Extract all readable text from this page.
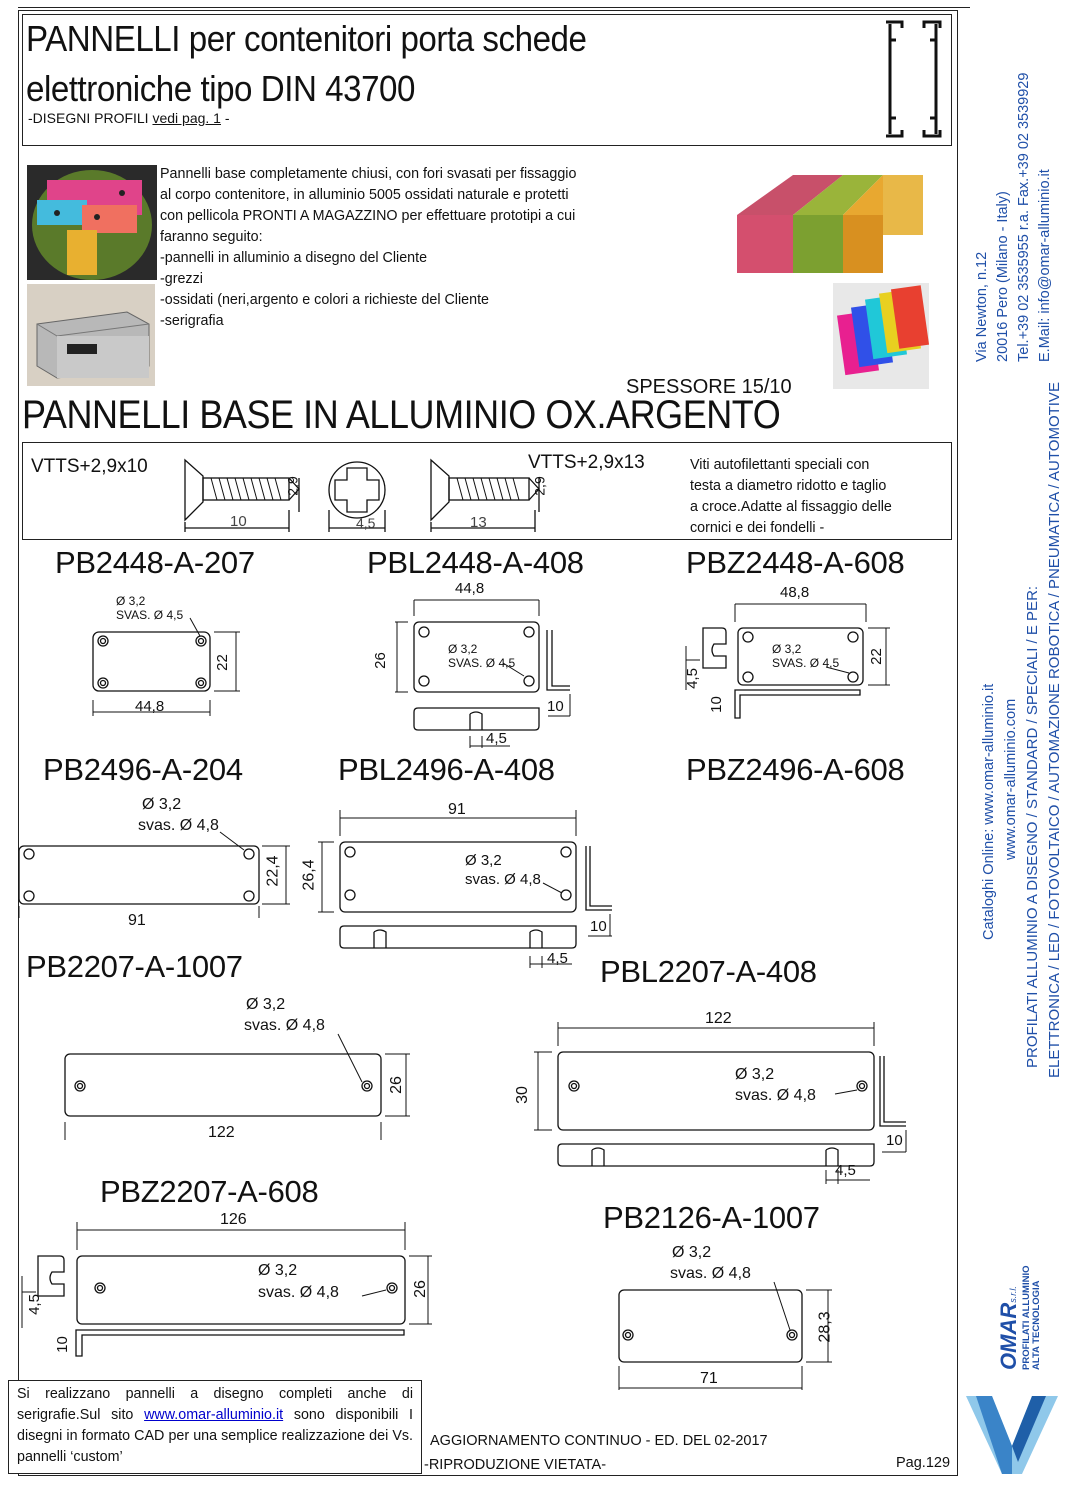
PANNELLI per contenitori porta schede
elettroniche tipo DIN 43700
-DISEGNI PROFILI vedi pag. 1 -
Pannelli base completamente chiusi, con fori svasati per fissaggio
al corpo contenitore, in alluminio 5005 ossidati naturale e protetti
con pellicola PRONTI A MAGAZZINO per effettuare prototipi a cui
faranno seguito:
-pannelli in alluminio a disegno del Cliente
-grezzi
-ossidati (neri,argento e colori a richieste del Cliente
-serigrafia
SPESSORE 15/10
PANNELLI BASE IN ALLUMINIO OX.ARGENTO
VTTS+2,9x10	VTTS+2,9x13
2,9
10	4,5	13
2,9
Viti autofilettanti speciali con
testa a diametro ridotto e taglio
a croce.Adatte al fissaggio delle
cornici e dei fondelli -
PB2448-A-207	PBL2448-A-408	PBZ2448-A-608
PB2496-A-204	PBL2496-A-408	PBZ2496-A-608
PB2207-A-1007	PBL2207-A-408
PBZ2207-A-608
PB2126-A-1007
Ø 3,2
SVAS. Ø 4,5
44,8
22
44,8
Ø 3,2
SVAS. Ø 4,5
26
10
4,5
48,8
Ø 3,2
SVAS. Ø 4,5 22
10
4,5
Ø 3,2
svas. Ø 4,8
91
22,4
91
Ø 3,2
svas. Ø 4,8
26,4
10
4,5
Ø 3,2
svas. Ø 4,8
122
26
122
Ø 3,2
svas. Ø 4,8
30
10
4,5
126
Ø 3,2
svas. Ø 4,8	26
10
4,5
Ø 3,2
svas. Ø 4,8
71
28,3
Si realizzano pannelli a disegno completi anche di serigrafie.Sul sito www.omar-alluminio.it sono disponibili I disegni in formato CAD per una semplice realizzazione dei Vs. pannelli ‘custom’
AGGIORNAMENTO CONTINUO - ED. DEL 02-2017
-RIPRODUZIONE VIETATA-	Pag.129
Via Newton, n.12 20016 Pero (Milano - Italy) Tel.+39 02 3535955 r.a. Fax.+39 02 3539929 E.Mail: info@omar-alluminio.it
Cataloghi Online: www.omar-alluminio.it www.omar-alluminio.com PROFILATI ALLUMINIO A DISEGNO / STANDARD / SPECIALI / E PER: ELETTRONICA / LED / FOTOVOLTAICO / AUTOMAZIONE ROBOTICA / PNEUMATICA / AUTOMOTIVE
OMARs.r.l. PROFILATI ALLUMINIO ALTA TECNOLOGIA
